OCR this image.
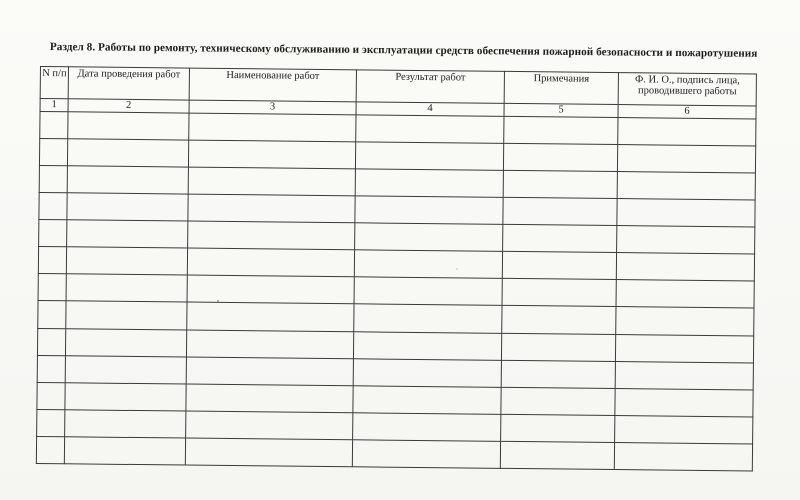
Раздел 8. Работы по ремонту, техническому обслуживанию и эксплуатации средств обеспечения пожарной безопасности и пожаротушения
N п/п	Дата проведения работ	Наименование работ	Результат работ	Примечания	Ф. И. О., подпись лица, проводившего работы
1	2	3	4	5	6
